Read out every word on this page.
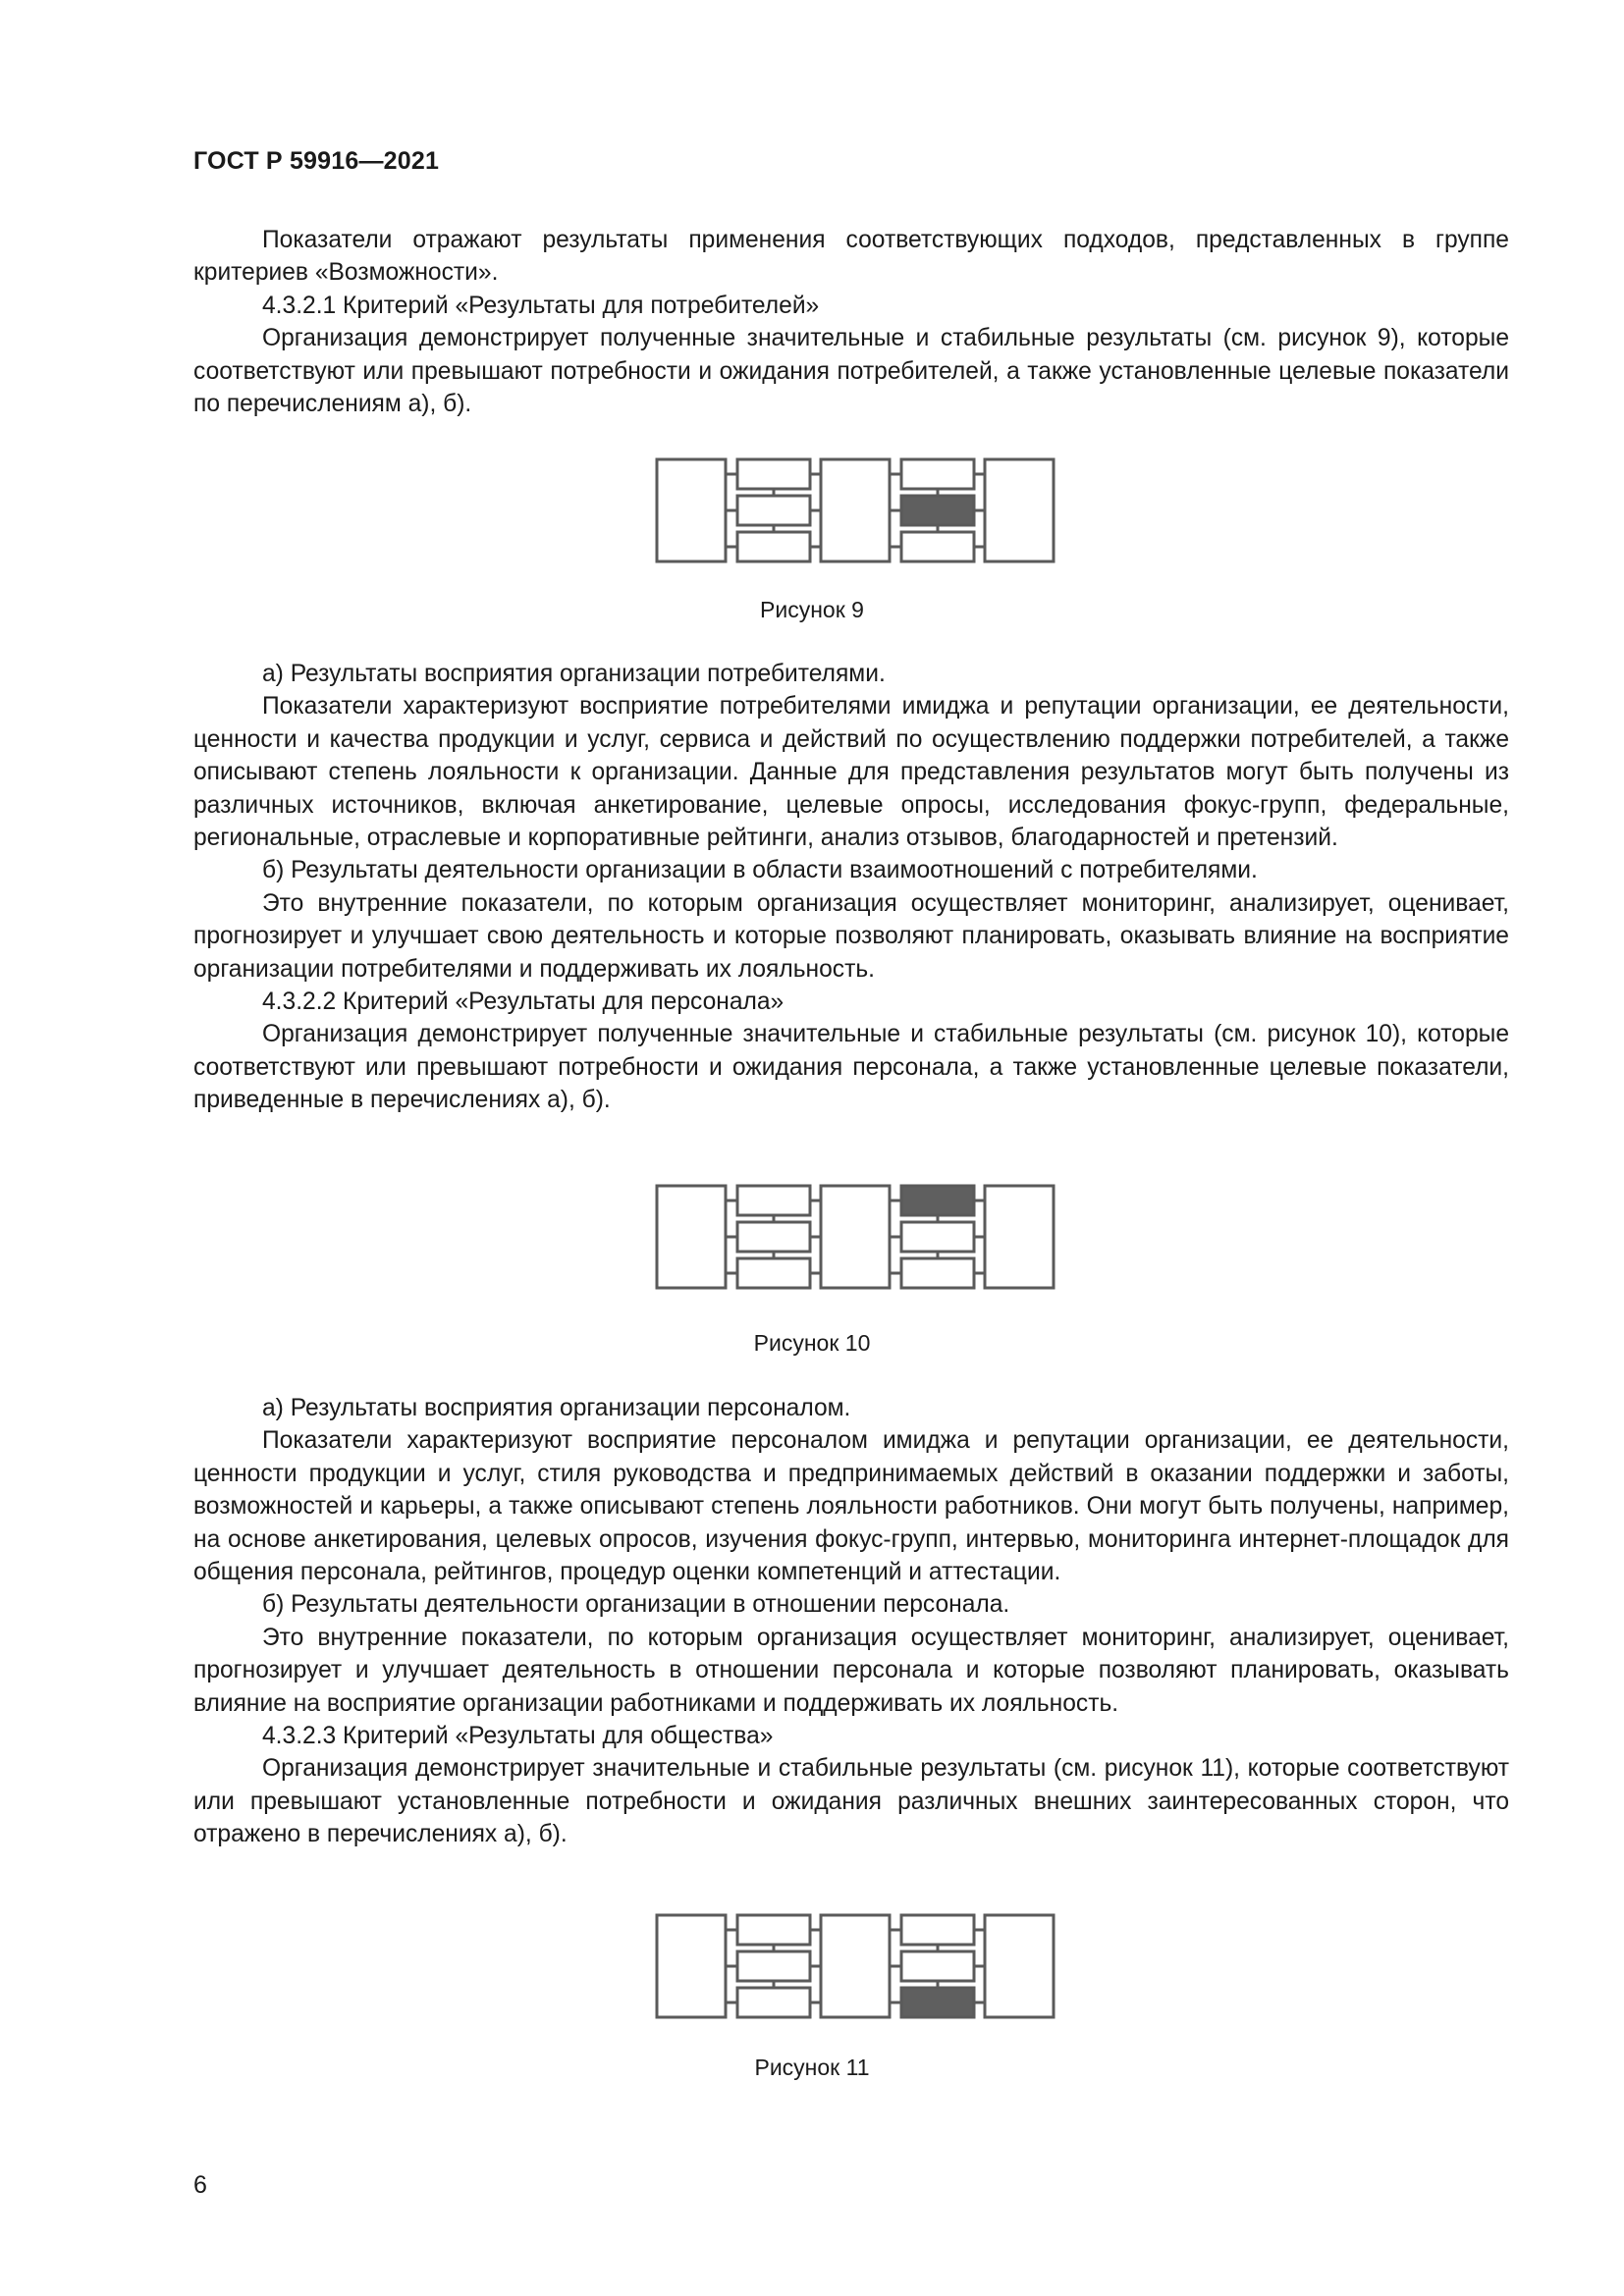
ГОСТ Р 59916—2021

Показатели отражают результаты применения соответствующих подходов, представленных в группе критериев «Возможности».

4.3.2.1 Критерий «Результаты для потребителей»

Организация демонстрирует полученные значительные и стабильные результаты (см. рисунок 9), которые соответствуют или превышают потребности и ожидания потребителей, а также установленные целевые показатели по перечислениям а), б).

Рисунок 9

а) Результаты восприятия организации потребителями.

Показатели характеризуют восприятие потребителями имиджа и репутации организации, ее деятельности, ценности и качества продукции и услуг, сервиса и действий по осуществлению поддержки потребителей, а также описывают степень лояльности к организации. Данные для представления результатов могут быть получены из различных источников, включая анкетирование, целевые опросы, исследования фокус-групп, федеральные, региональные, отраслевые и корпоративные рейтинги, анализ отзывов, благодарностей и претензий.

б) Результаты деятельности организации в области взаимоотношений с потребителями.

Это внутренние показатели, по которым организация осуществляет мониторинг, анализирует, оценивает, прогнозирует и улучшает свою деятельность и которые позволяют планировать, оказывать влияние на восприятие организации потребителями и поддерживать их лояльность.

4.3.2.2 Критерий «Результаты для персонала»

Организация демонстрирует полученные значительные и стабильные результаты (см. рисунок 10), которые соответствуют или превышают потребности и ожидания персонала, а также установленные целевые показатели, приведенные в перечислениях а), б).

Рисунок 10

а) Результаты восприятия организации персоналом.

Показатели характеризуют восприятие персоналом имиджа и репутации организации, ее деятельности, ценности продукции и услуг, стиля руководства и предпринимаемых действий в оказании поддержки и заботы, возможностей и карьеры, а также описывают степень лояльности работников. Они могут быть получены, например, на основе анкетирования, целевых опросов, изучения фокус-групп, интервью, мониторинга интернет-площадок для общения персонала, рейтингов, процедур оценки компетенций и аттестации.

б) Результаты деятельности организации в отношении персонала.

Это внутренние показатели, по которым организация осуществляет мониторинг, анализирует, оценивает, прогнозирует и улучшает деятельность в отношении персонала и которые позволяют планировать, оказывать влияние на восприятие организации работниками и поддерживать их лояльность.

4.3.2.3 Критерий «Результаты для общества»

Организация демонстрирует значительные и стабильные результаты (см. рисунок 11), которые соответствуют или превышают установленные потребности и ожидания различных внешних заинтересованных сторон, что отражено в перечислениях а), б).

Рисунок 11
6
